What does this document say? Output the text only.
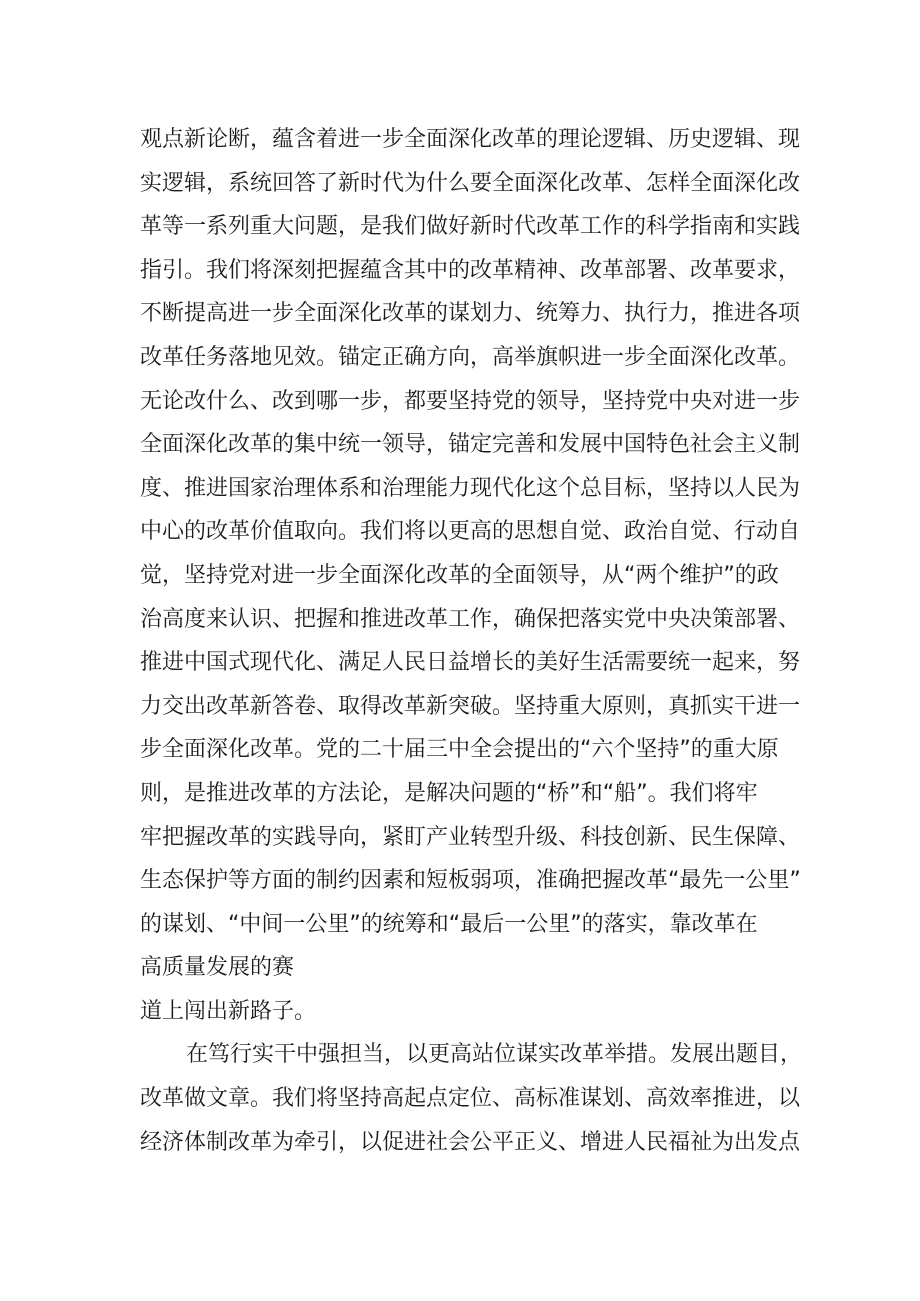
观点新论断，蕴含着进一步全面深化改革的理论逻辑、历史逻辑、现
实逻辑，系统回答了新时代为什么要全面深化改革、怎样全面深化改
革等一系列重大问题，是我们做好新时代改革工作的科学指南和实践
指引。我们将深刻把握蕴含其中的改革精神、改革部署、改革要求，
不断提高进一步全面深化改革的谋划力、统筹力、执行力，推进各项
改革任务落地见效。锚定正确方向，高举旗帜进一步全面深化改革。
无论改什么、改到哪一步，都要坚持党的领导，坚持党中央对进一步
全面深化改革的集中统一领导，锚定完善和发展中国特色社会主义制
度、推进国家治理体系和治理能力现代化这个总目标，坚持以人民为
中心的改革价值取向。我们将以更高的思想自觉、政治自觉、行动自
觉，坚持党对进一步全面深化改革的全面领导，从“两个维护”的政
治高度来认识、把握和推进改革工作，确保把落实党中央决策部署、
推进中国式现代化、满足人民日益增长的美好生活需要统一起来，努
力交出改革新答卷、取得改革新突破。坚持重大原则，真抓实干进一
步全面深化改革。党的二十届三中全会提出的“六个坚持”的重大原
则，是推进改革的方法论，是解决问题的“桥”和“船”。我们将牢
牢把握改革的实践导向，紧盯产业转型升级、科技创新、民生保障、
生态保护等方面的制约因素和短板弱项，准确把握改革“最先一公里”
的谋划、“中间一公里”的统筹和“最后一公里”的落实，靠改革在
高质量发展的赛
道上闯出新路子。
在笃行实干中强担当，以更高站位谋实改革举措。发展出题目，
改革做文章。我们将坚持高起点定位、高标准谋划、高效率推进，以
经济体制改革为牵引，以促进社会公平正义、增进人民福祉为出发点
